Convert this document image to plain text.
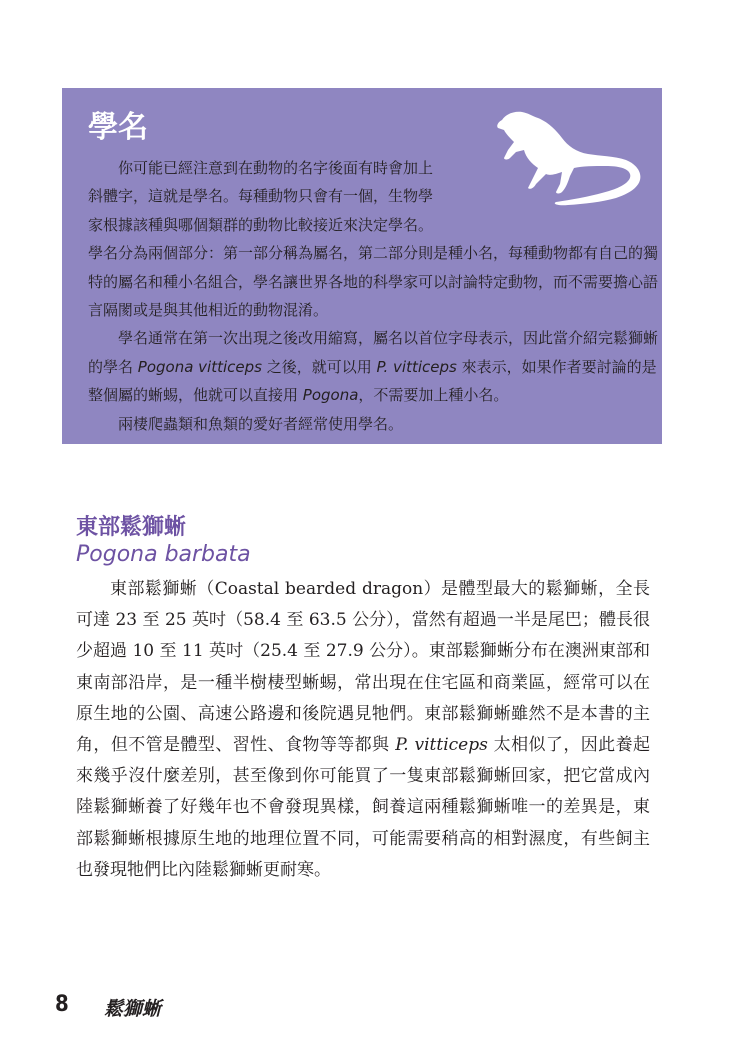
學名

你可能已經注意到在動物的名字後面有時會加上

斜體字，這就是學名。每種動物只會有一個，生物學

家根據該種與哪個類群的動物比較接近來決定學名。

學名分為兩個部分：第一部分稱為屬名，第二部分則是種小名，每種動物都有自己的獨特的屬名和種小名組合，學名讓世界各地的科學家可以討論特定動物，而不需要擔心語言隔閡或是與其他相近的動物混淆。

學名通常在第一次出現之後改用縮寫，屬名以首位字母表示，因此當介紹完鬆獅蜥的學名 Pogona vitticeps 之後，就可以用 P. vitticeps 來表示，如果作者要討論的是整個屬的蜥蜴，他就可以直接用 Pogona，不需要加上種小名。

兩棲爬蟲類和魚類的愛好者經常使用學名。

東部鬆獅蜥

Pogona barbata

東部鬆獅蜥（Coastal bearded dragon）是體型最大的鬆獅蜥，全長可達 23 至 25 英吋（58.4 至 63.5 公分），當然有超過一半是尾巴；體長很少超過 10 至 11 英吋（25.4 至 27.9 公分）。東部鬆獅蜥分布在澳洲東部和東南部沿岸，是一種半樹棲型蜥蜴，常出現在住宅區和商業區，經常可以在原生地的公園、高速公路邊和後院遇見牠們。東部鬆獅蜥雖然不是本書的主角，但不管是體型、習性、食物等等都與 P. vitticeps 太相似了，因此養起來幾乎沒什麼差別，甚至像到你可能買了一隻東部鬆獅蜥回家，把它當成內陸鬆獅蜥養了好幾年也不會發現異樣，飼養這兩種鬆獅蜥唯一的差異是，東部鬆獅蜥根據原生地的地理位置不同，可能需要稍高的相對濕度，有些飼主也發現牠們比內陸鬆獅蜥更耐寒。

8 鬆獅蜥
